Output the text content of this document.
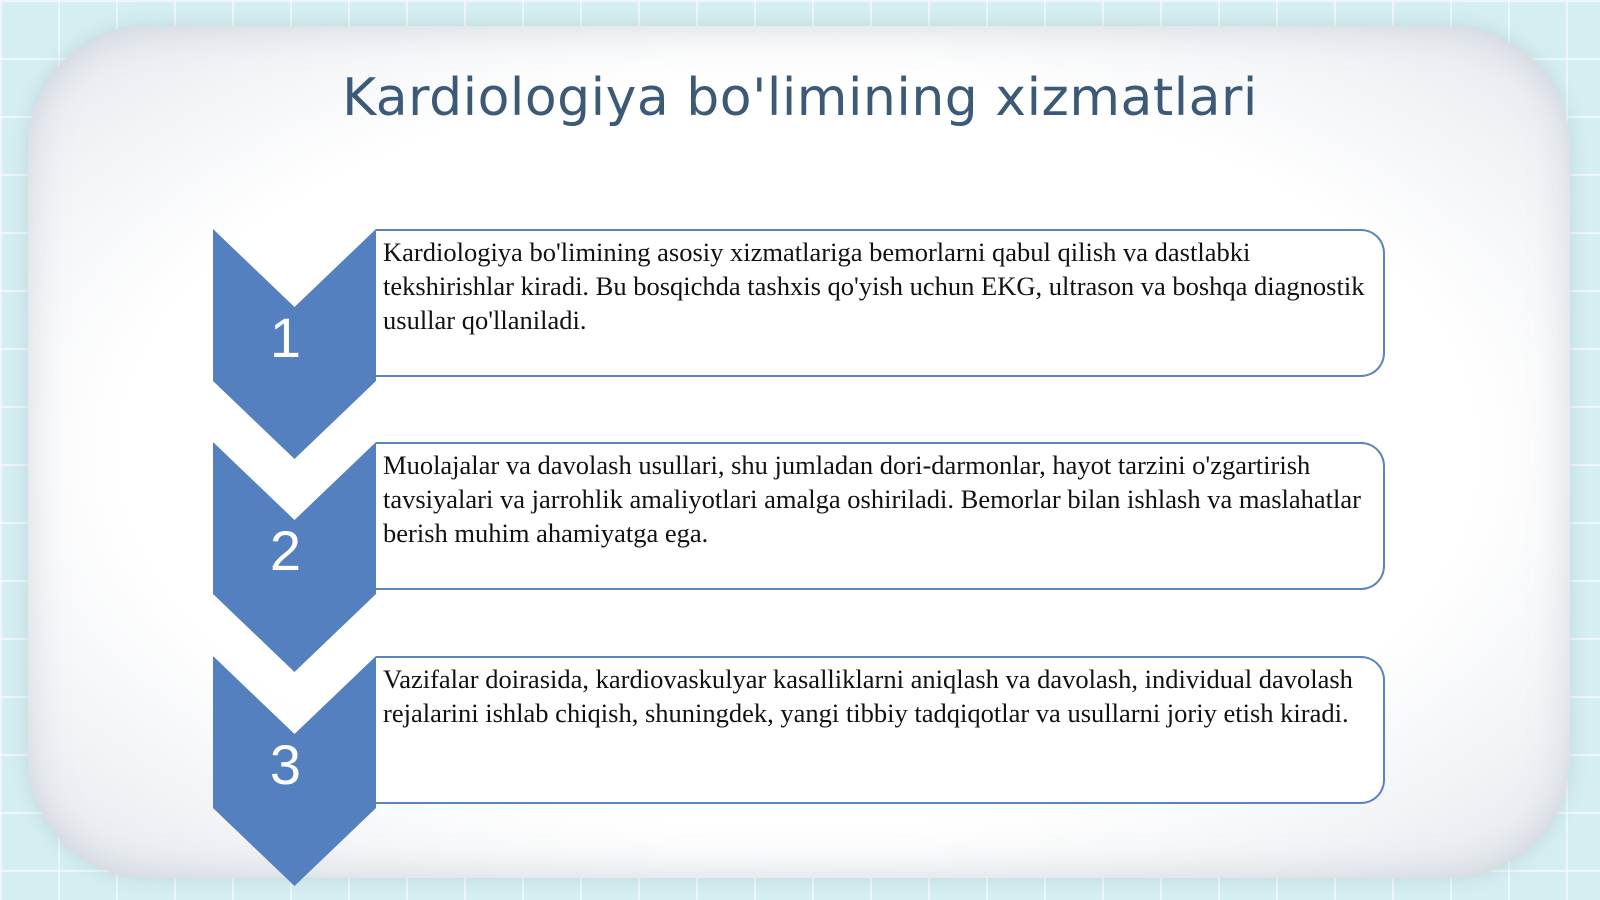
Kardiologiya bo'limining xizmatlari
1
Kardiologiya bo'limining asosiy xizmatlariga bemorlarni qabul qilish va dastlabki tekshirishlar kiradi. Bu bosqichda tashxis qo'yish uchun EKG, ultrason va boshqa diagnostik usullar qo'llaniladi.
2
Muolajalar va davolash usullari, shu jumladan dori-darmonlar, hayot tarzini o'zgartirish tavsiyalari va jarrohlik amaliyotlari amalga oshiriladi. Bemorlar bilan ishlash va maslahatlar berish muhim ahamiyatga ega.
3
Vazifalar doirasida, kardiovaskulyar kasalliklarni aniqlash va davolash, individual davolash rejalarini ishlab chiqish, shuningdek, yangi tibbiy tadqiqotlar va usullarni joriy etish kiradi.
